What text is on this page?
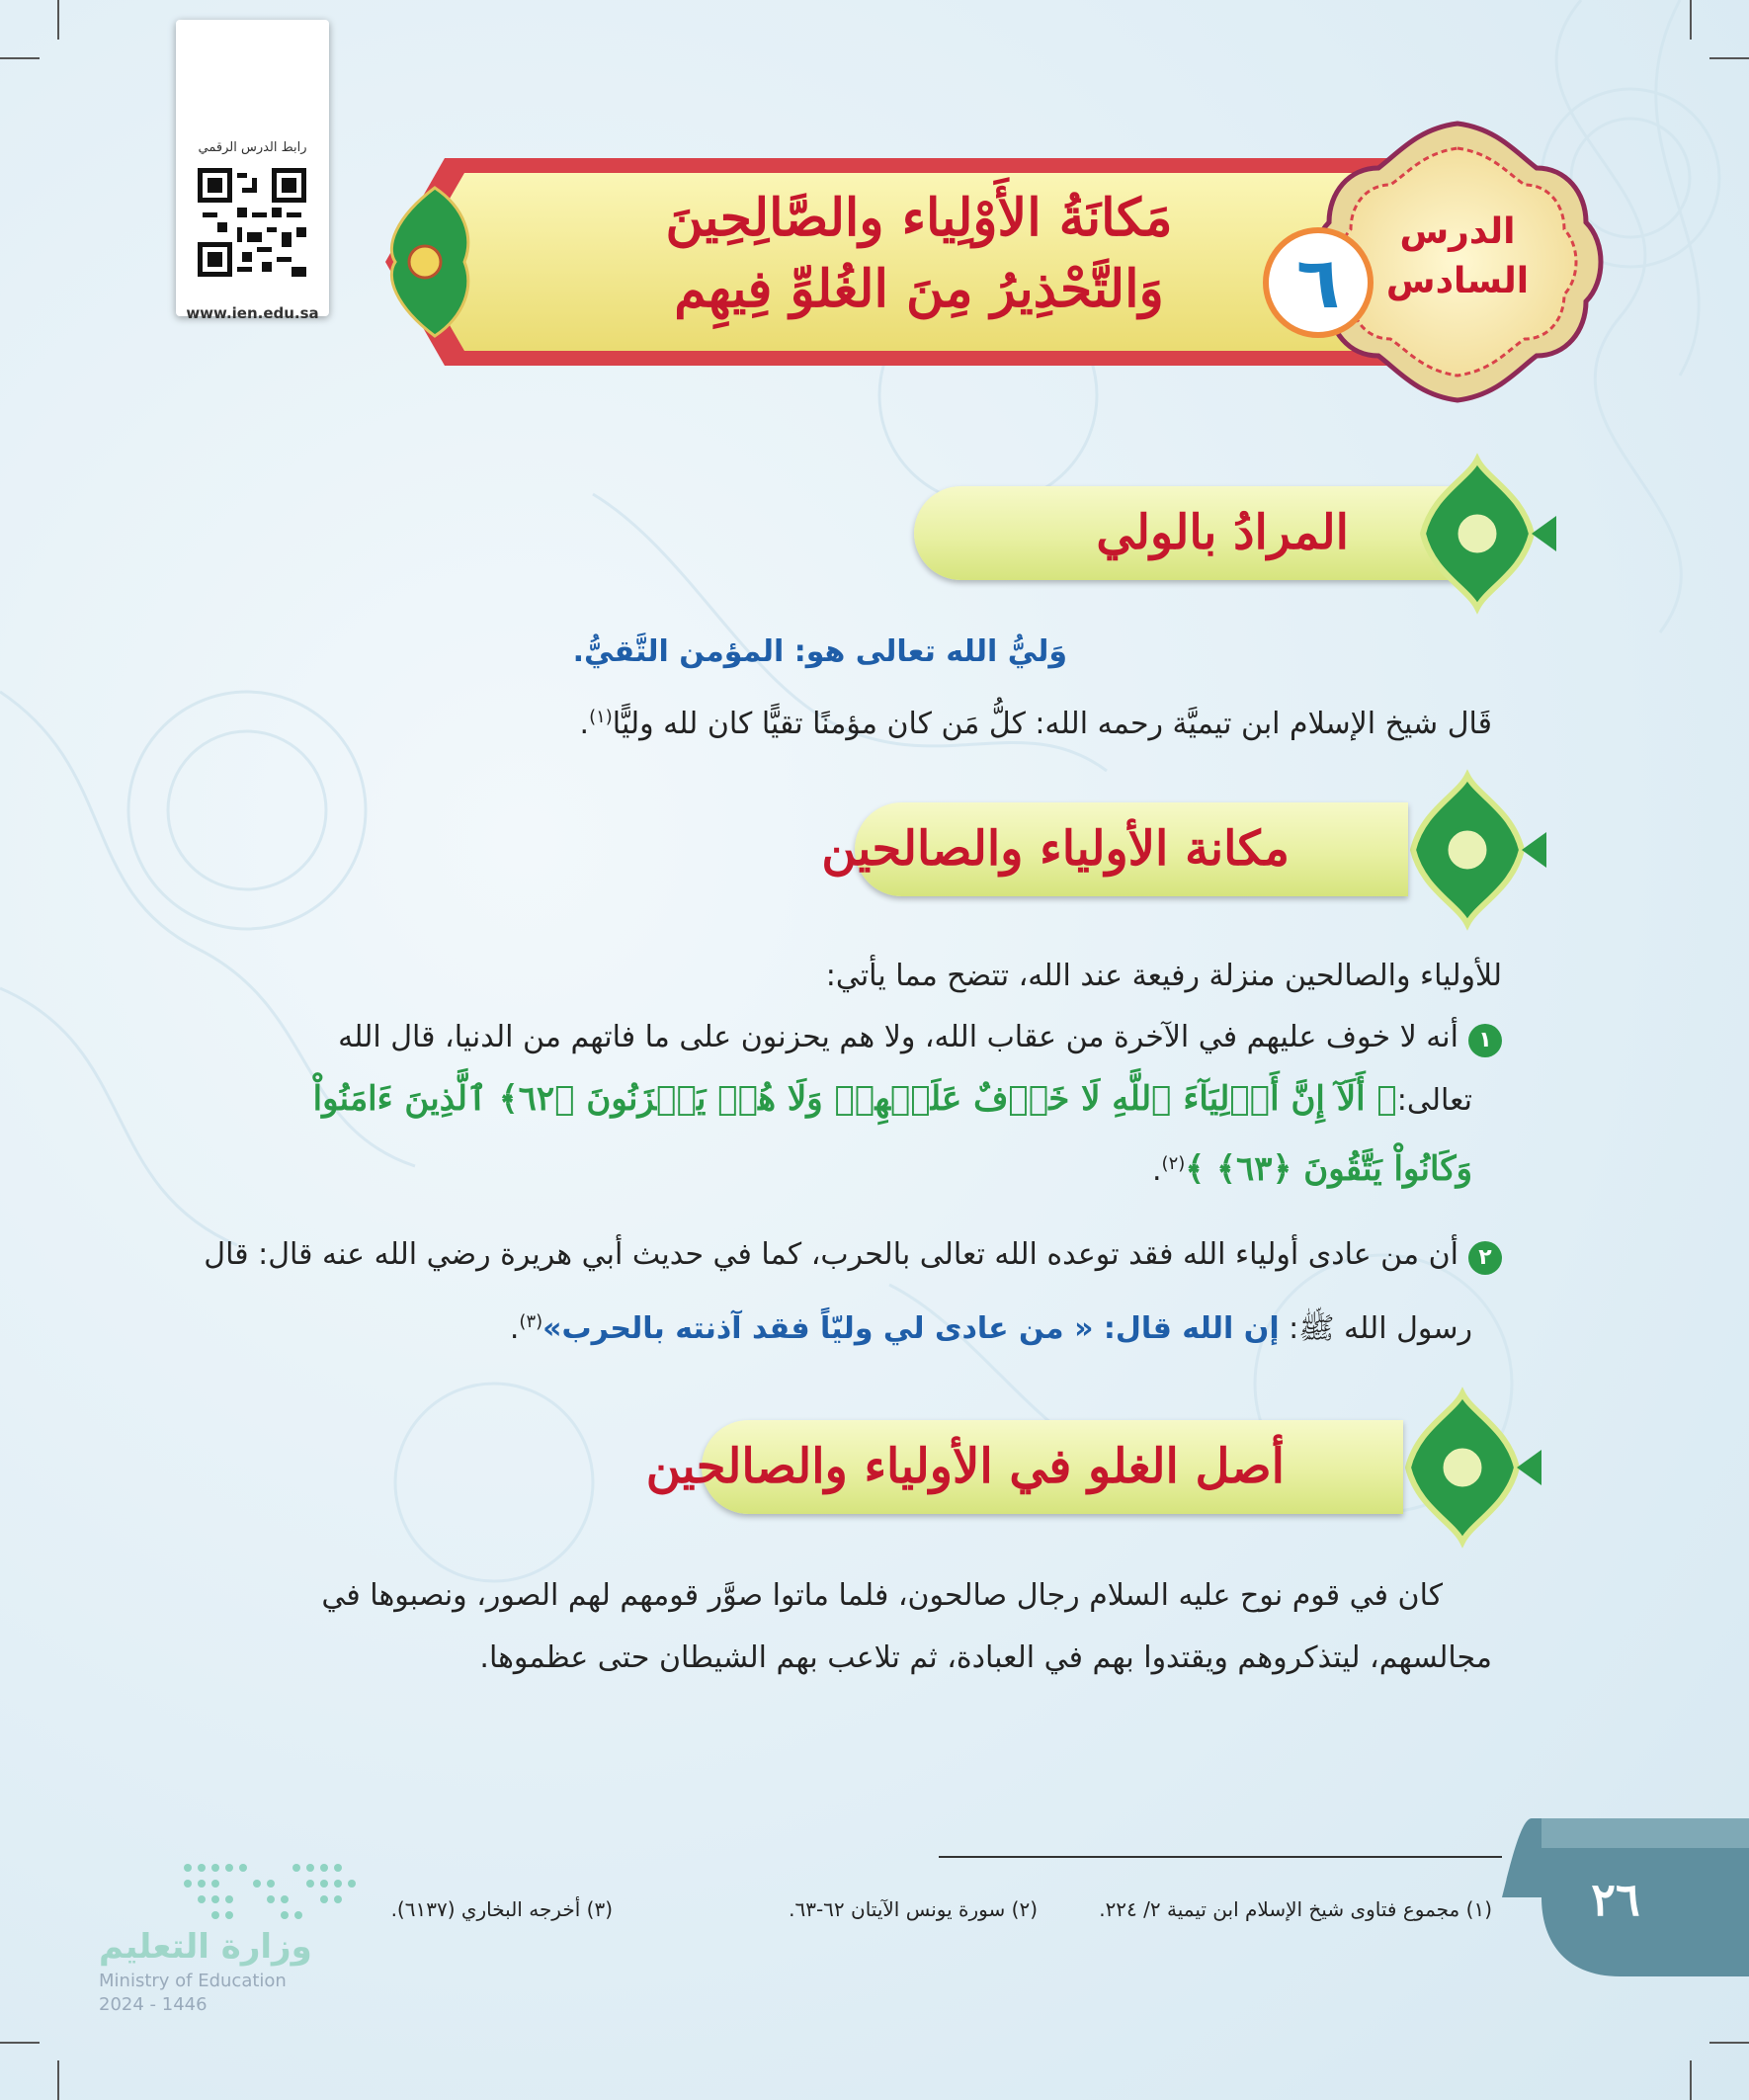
رابط الدرس الرقمي
www.ien.edu.sa
مَكانَةُ الأَوْلِياء والصَّالِحِينَ
وَالتَّحْذِيرُ مِنَ الغُلوِّ فِيهِم	٦
الدرس
السادس
المرادُ بالولي
وَليُّ الله تعالى هو: المؤمن التَّقيُّ.
قَال شيخ الإسلام ابن تيميَّة رحمه الله: كلُّ مَن كان مؤمنًا تقيًّا كان لله وليًّا$^{(١)}$.
مكانة الأولياء والصالحين
للأولياء والصالحين منزلة رفيعة عند الله، تتضح مما يأتي:
١أنه لا خوف عليهم في الآخرة من عقاب الله، ولا هم يحزنون على ما فاتهم من الدنيا، قال الله
تعالى:﴿ أَلَآ إِنَّ أَوۡلِيَآءَ ٱللَّهِ لَا خَوۡفٌ عَلَيۡهِمۡ وَلَا هُمۡ يَحۡزَنُونَ ﴿٦٢﴾ ٱلَّذِينَ ءَامَنُواْ
وَكَانُواْ يَتَّقُونَ ﴿٦٣﴾ ﴾$^{(٢)}$.
٢أن من عادى أولياء الله فقد توعده الله تعالى بالحرب، كما في حديث أبي هريرة رضي الله عنه قال: قال
رسول الله ﷺ: إن الله قال: « من عادى لي وليّاً فقد آذنته بالحرب»$^{(٣)}$.
أصل الغلو في الأولياء والصالحين
كان في قوم نوح عليه السلام رجال صالحون، فلما ماتوا صوَّر قومهم لهم الصور، ونصبوها في
مجالسهم، ليتذكروهم ويقتدوا بهم في العبادة، ثم تلاعب بهم الشيطان حتى عظموها.
(١) مجموع فتاوى شيخ الإسلام ابن تيمية ٢/ ٢٢٤.
(٢) سورة يونس الآيتان ٦٢-٦٣.
(٣) أخرجه البخاري (٦١٣٧).	٢٦
وزارة التعليم
Ministry of Education
2024 - 1446
